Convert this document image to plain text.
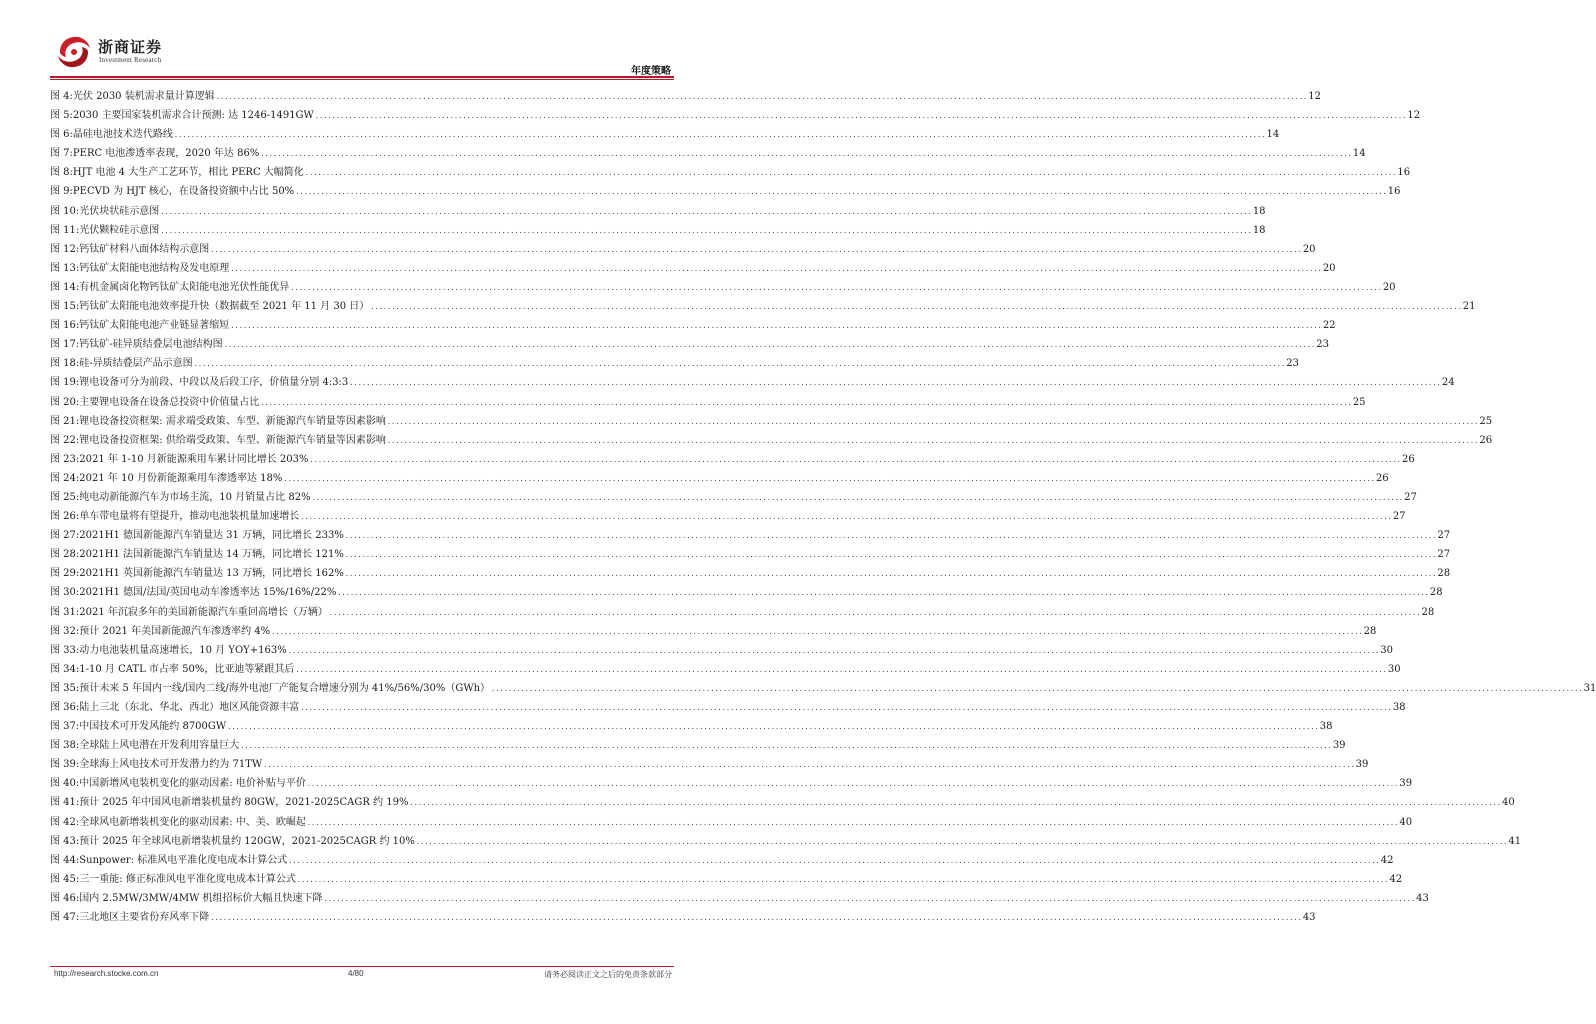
浙商证券
Investment Research
年度策略
图 4: 光伏 2030 装机需求量计算逻辑 .....	12
图 5: 2030 主要国家装机需求合计预测: 达 1246-1491GW .....	12
图 6: 晶硅电池技术迭代路线 .....	14
图 7: PERC 电池渗透率表现，2020 年达 86% .....	14
图 8: HJT 电池 4 大生产工艺环节，相比 PERC 大幅简化 .....	16
图 9: PECVD 为 HJT 核心，在设备投资额中占比 50% .....	16
图 10: 光伏块状硅示意图 .....	18
图 11: 光伏颗粒硅示意图 .....	18
图 12: 钙钛矿材料八面体结构示意图 .....	20
图 13: 钙钛矿太阳能电池结构及发电原理 .....	20
图 14: 有机金属卤化物钙钛矿太阳能电池光伏性能优异 .....	20
图 15: 钙钛矿太阳能电池效率提升快（数据截至 2021 年 11 月 30 日） .....	21
图 16: 钙钛矿太阳能电池产业链显著缩短 .....	22
图 17: 钙钛矿-硅异质结叠层电池结构图 .....	23
图 18: 硅-异质结叠层产品示意图 .....	23
图 19: 锂电设备可分为前段、中段以及后段工序，价值量分别 4:3:3 .....	24
图 20: 主要锂电设备在设备总投资中价值量占比 .....	25
图 21: 锂电设备投资框架: 需求端受政策、车型、新能源汽车销量等因素影响 .....	25
图 22: 锂电设备投资框架: 供给端受政策、车型、新能源汽车销量等因素影响 .....	26
图 23: 2021 年 1-10 月新能源乘用车累计同比增长 203% .....	26
图 24: 2021 年 10 月份新能源乘用车渗透率达 18% .....	26
图 25: 纯电动新能源汽车为市场主流，10 月销量占比 82% .....	27
图 26: 单车带电量将有望提升，推动电池装机量加速增长 .....	27
图 27: 2021H1 德国新能源汽车销量达 31 万辆，同比增长 233% .....	27
图 28: 2021H1 法国新能源汽车销量达 14 万辆，同比增长 121% .....	27
图 29: 2021H1 英国新能源汽车销量达 13 万辆，同比增长 162% .....	28
图 30: 2021H1 德国/法国/英国电动车渗透率达 15%/16%/22% .....	28
图 31: 2021 年沉寂多年的美国新能源汽车重回高增长（万辆） .....	28
图 32: 预计 2021 年美国新能源汽车渗透率约 4% .....	28
图 33: 动力电池装机量高速增长，10 月 YOY+163% .....	30
图 34: 1-10 月 CATL 市占率 50%，比亚迪等紧跟其后 .....	30
图 35: 预计未来 5 年国内一线/国内二线/海外电池厂产能复合增速分别为 41%/56%/30%（GWh） .....	31
图 36: 陆上三北（东北、华北、西北）地区风能资源丰富 .....	38
图 37: 中国技术可开发风能约 8700GW .....	38
图 38: 全球陆上风电潜在开发利用容量巨大 .....	39
图 39: 全球海上风电技术可开发潜力约为 71TW .....	39
图 40: 中国新增风电装机变化的驱动因素: 电价补贴与平价 .....	39
图 41: 预计 2025 年中国风电新增装机量约 80GW，2021-2025CAGR 约 19% .....	40
图 42: 全球风电新增装机变化的驱动因素: 中、美、欧崛起 .....	40
图 43: 预计 2025 年全球风电新增装机量约 120GW，2021-2025CAGR 约 10% .....	41
图 44: Sunpower: 标准风电平准化度电成本计算公式 .....	42
图 45: 三一重能: 修正标准风电平准化度电成本计算公式 .....	42
图 46: 国内 2.5MW/3MW/4MW 机组招标价大幅且快速下降 .....	43
图 47: 三北地区主要省份弃风率下降 .....	43
http://research.stocke.com.cn	4/80	请务必阅读正文之后的免责条款部分
